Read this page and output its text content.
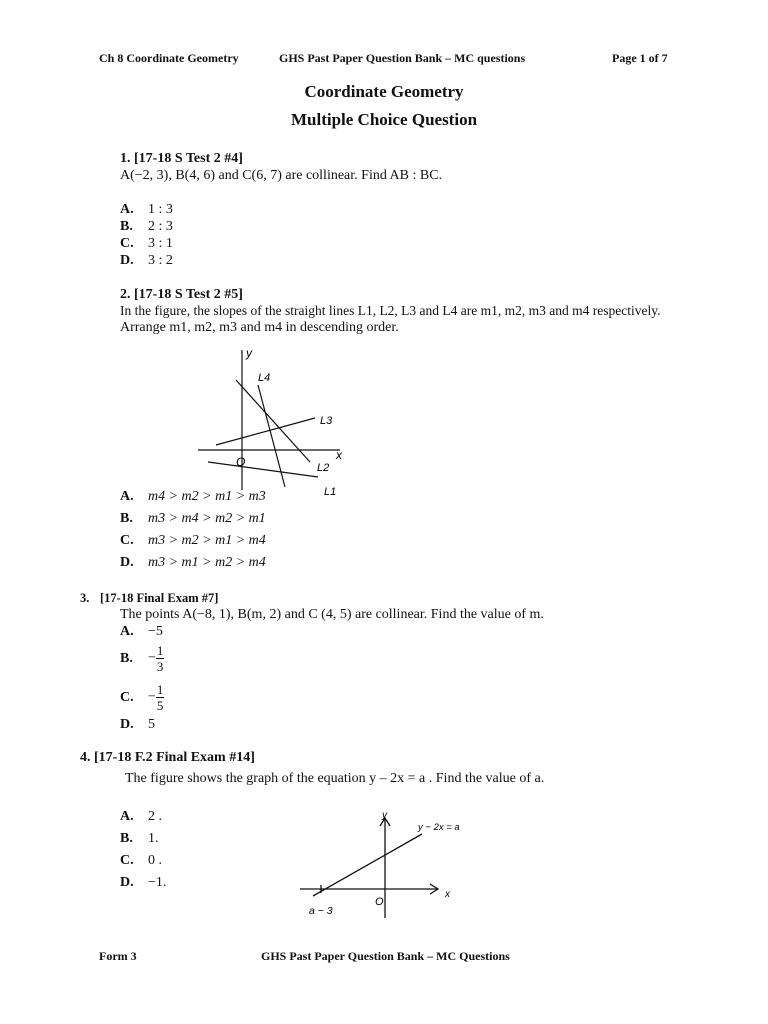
Ch 8 Coordinate Geometry	GHS Past Paper Question Bank – MC questions	Page 1 of 7
Coordinate Geometry
Multiple Choice Question
1. [17-18 S Test 2 #4]
A(−2, 3), B(4, 6) and C(6, 7) are collinear. Find AB : BC.
A. 1 : 3
B. 2 : 3
C. 3 : 1
D. 3 : 2
2. [17-18 S Test 2 #5]
In the figure, the slopes of the straight lines L1, L2, L3 and L4 are m1, m2, m3 and m4 respectively.
Arrange m1, m2, m3 and m4 in descending order.
y
x
O
L4
L3
L2
L1
A. m4 > m2 > m1 > m3
B. m3 > m4 > m2 > m1
C. m3 > m2 > m1 > m4
D. m3 > m1 > m2 > m4
3. [17-18 Final Exam #7]
The points A(−8, 1), B(m, 2) and C (4, 5) are collinear. Find the value of m.
A. −5
B. − $\frac{1}{3}$
C. − $\frac{1}{5}$
D. 5
4. [17-18 F.2 Final Exam #14]
The figure shows the graph of the equation y – 2x = a . Find the value of a.
A. 2 .
B. 1.
C. 0 .
D. −1.
y
x
O
y − 2x = a
a − 3
Form 3	GHS Past Paper Question Bank – MC Questions
